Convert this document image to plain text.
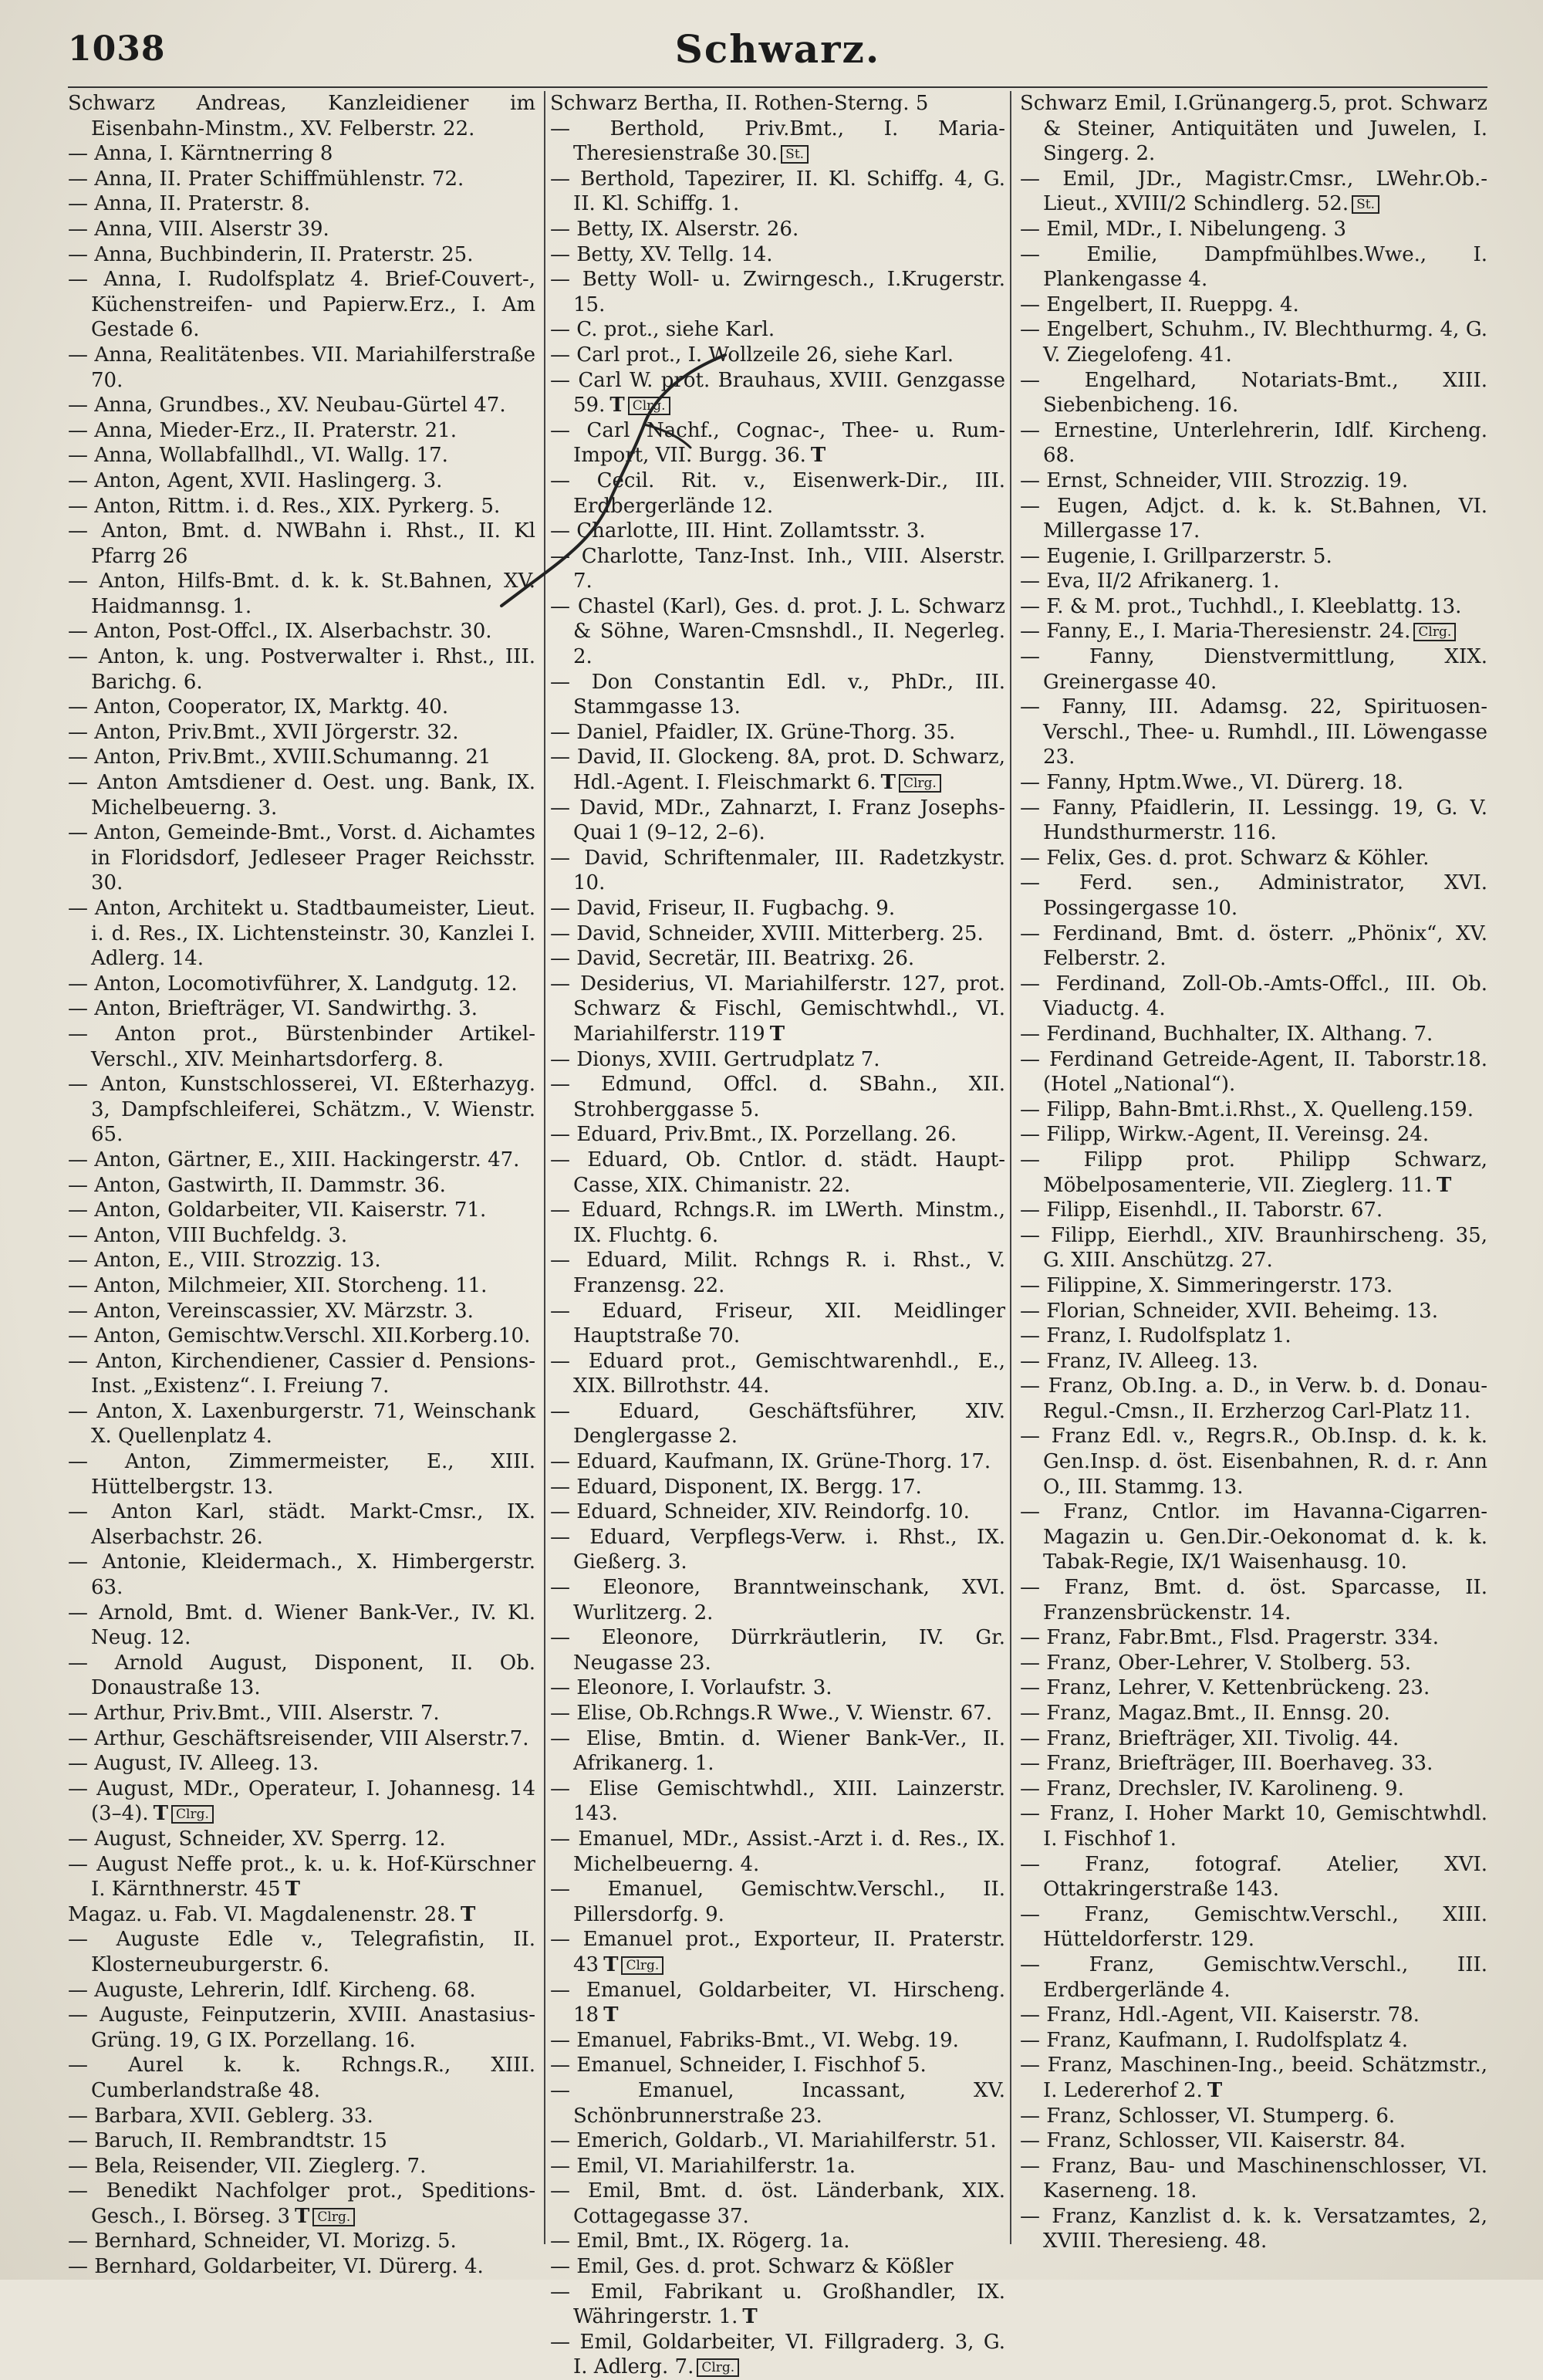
1038	Schwarz.
Schwarz Andreas, Kanzleidiener im Eisenbahn-Minstm., XV. Felberstr. 22.
— Anna, I. Kärntnerring 8
— Anna, II. Prater Schiffmühlenstr. 72.
— Anna, II. Praterstr. 8.
— Anna, VIII. Alserstr 39.
— Anna, Buchbinderin, II. Praterstr. 25.
— Anna, I. Rudolfsplatz 4. Brief-Couvert-, Küchenstreifen- und Papierw.Erz., I. Am Gestade 6.
— Anna, Realitätenbes. VII. Mariahilferstraße 70.
— Anna, Grundbes., XV. Neubau-Gürtel 47.
— Anna, Mieder-Erz., II. Praterstr. 21.
— Anna, Wollabfallhdl., VI. Wallg. 17.
— Anton, Agent, XVII. Haslingerg. 3.
— Anton, Rittm. i. d. Res., XIX. Pyrkerg. 5.
— Anton, Bmt. d. NWBahn i. Rhst., II. Kl Pfarrg 26
— Anton, Hilfs-Bmt. d. k. k. St.Bahnen, XV. Haidmannsg. 1.
— Anton, Post-Offcl., IX. Alserbachstr. 30.
— Anton, k. ung. Postverwalter i. Rhst., III. Barichg. 6.
— Anton, Cooperator, IX, Marktg. 40.
— Anton, Priv.Bmt., XVII Jörgerstr. 32.
— Anton, Priv.Bmt., XVIII.Schumanng. 21
— Anton Amtsdiener d. Oest. ung. Bank, IX. Michelbeuerng. 3.
— Anton, Gemeinde-Bmt., Vorst. d. Aichamtes in Floridsdorf, Jedleseer Prager Reichsstr. 30.
— Anton, Architekt u. Stadtbaumeister, Lieut. i. d. Res., IX. Lichtensteinstr. 30, Kanzlei I. Adlerg. 14.
— Anton, Locomotivführer, X. Landgutg. 12.
— Anton, Briefträger, VI. Sandwirthg. 3.
— Anton prot., Bürstenbinder Artikel-Verschl., XIV. Meinhartsdorferg. 8.
— Anton, Kunstschlosserei, VI. Eßterhazyg. 3, Dampfschleiferei, Schätzm., V. Wienstr. 65.
— Anton, Gärtner, E., XIII. Hackingerstr. 47.
— Anton, Gastwirth, II. Dammstr. 36.
— Anton, Goldarbeiter, VII. Kaiserstr. 71.
— Anton, VIII Buchfeldg. 3.
— Anton, E., VIII. Strozzig. 13.
— Anton, Milchmeier, XII. Storcheng. 11.
— Anton, Vereinscassier, XV. Märzstr. 3.
— Anton, Gemischtw.Verschl. XII.Korberg.10.
— Anton, Kirchendiener, Cassier d. Pensions-Inst. „Existenz“. I. Freiung 7.
— Anton, X. Laxenburgerstr. 71, Weinschank X. Quellenplatz 4.
— Anton, Zimmermeister, E., XIII. Hüttelbergstr. 13.
— Anton Karl, städt. Markt-Cmsr., IX. Alserbachstr. 26.
— Antonie, Kleidermach., X. Himbergerstr. 63.
— Arnold, Bmt. d. Wiener Bank-Ver., IV. Kl. Neug. 12.
— Arnold August, Disponent, II. Ob. Donaustraße 13.
— Arthur, Priv.Bmt., VIII. Alserstr. 7.
— Arthur, Geschäftsreisender, VIII Alserstr.7.
— August, IV. Alleeg. 13.
— August, MDr., Operateur, I. Johannesg. 14 (3–4). T Clrg.
— August, Schneider, XV. Sperrg. 12.
— August Neffe prot., k. u. k. Hof-Kürschner I. Kärnthnerstr. 45 T
Magaz. u. Fab. VI. Magdalenenstr. 28. T
— Auguste Edle v., Telegrafistin, II. Klosterneuburgerstr. 6.
— Auguste, Lehrerin, Idlf. Kircheng. 68.
— Auguste, Feinputzerin, XVIII. Anastasius-Grüng. 19, G IX. Porzellang. 16.
— Aurel k. k. Rchngs.R., XIII. Cumberlandstraße 48.
— Barbara, XVII. Geblerg. 33.
— Baruch, II. Rembrandtstr. 15
— Bela, Reisender, VII. Zieglerg. 7.
— Benedikt Nachfolger prot., Speditions-Gesch., I. Börseg. 3 T Clrg.
— Bernhard, Schneider, VI. Morizg. 5.
— Bernhard, Goldarbeiter, VI. Dürerg. 4.
Schwarz Bertha, II. Rothen-Sterng. 5
— Berthold, Priv.Bmt., I. Maria-Theresienstraße 30. St.
— Berthold, Tapezirer, II. Kl. Schiffg. 4, G. II. Kl. Schiffg. 1.
— Betty, IX. Alserstr. 26.
— Betty, XV. Tellg. 14.
— Betty Woll- u. Zwirngesch., I.Krugerstr. 15.
— C. prot., siehe Karl.
— Carl prot., I. Wollzeile 26, siehe Karl.
— Carl W. prot. Brauhaus, XVIII. Genzgasse 59. T Clrg.
— Carl Nachf., Cognac-, Thee- u. Rum-Import, VII. Burgg. 36. T
— Cecil. Rit. v., Eisenwerk-Dir., III. Erdbergerlände 12.
— Charlotte, III. Hint. Zollamtsstr. 3.
— Charlotte, Tanz-Inst. Inh., VIII. Alserstr. 7.
— Chastel (Karl), Ges. d. prot. J. L. Schwarz & Söhne, Waren-Cmsnshdl., II. Negerleg. 2.
— Don Constantin Edl. v., PhDr., III. Stammgasse 13.
— Daniel, Pfaidler, IX. Grüne-Thorg. 35.
— David, II. Glockeng. 8A, prot. D. Schwarz, Hdl.-Agent. I. Fleischmarkt 6. T Clrg.
— David, MDr., Zahnarzt, I. Franz Josephs-Quai 1 (9–12, 2–6).
— David, Schriftenmaler, III. Radetzkystr. 10.
— David, Friseur, II. Fugbachg. 9.
— David, Schneider, XVIII. Mitterberg. 25.
— David, Secretär, III. Beatrixg. 26.
— Desiderius, VI. Mariahilferstr. 127, prot. Schwarz & Fischl, Gemischtwhdl., VI. Mariahilferstr. 119 T
— Dionys, XVIII. Gertrudplatz 7.
— Edmund, Offcl. d. SBahn., XII. Strohberggasse 5.
— Eduard, Priv.Bmt., IX. Porzellang. 26.
— Eduard, Ob. Cntlor. d. städt. Haupt-Casse, XIX. Chimanistr. 22.
— Eduard, Rchngs.R. im LWerth. Minstm., IX. Fluchtg. 6.
— Eduard, Milit. Rchngs R. i. Rhst., V. Franzensg. 22.
— Eduard, Friseur, XII. Meidlinger Hauptstraße 70.
— Eduard prot., Gemischtwarenhdl., E., XIX. Billrothstr. 44.
— Eduard, Geschäftsführer, XIV. Denglergasse 2.
— Eduard, Kaufmann, IX. Grüne-Thorg. 17.
— Eduard, Disponent, IX. Bergg. 17.
— Eduard, Schneider, XIV. Reindorfg. 10.
— Eduard, Verpflegs-Verw. i. Rhst., IX. Gießerg. 3.
— Eleonore, Branntweinschank, XVI. Wurlitzerg. 2.
— Eleonore, Dürrkräutlerin, IV. Gr. Neugasse 23.
— Eleonore, I. Vorlaufstr. 3.
— Elise, Ob.Rchngs.R Wwe., V. Wienstr. 67.
— Elise, Bmtin. d. Wiener Bank-Ver., II. Afrikanerg. 1.
— Elise Gemischtwhdl., XIII. Lainzerstr. 143.
— Emanuel, MDr., Assist.-Arzt i. d. Res., IX. Michelbeuerng. 4.
— Emanuel, Gemischtw.Verschl., II. Pillersdorfg. 9.
— Emanuel prot., Exporteur, II. Praterstr. 43 T Clrg.
— Emanuel, Goldarbeiter, VI. Hirscheng. 18 T
— Emanuel, Fabriks-Bmt., VI. Webg. 19.
— Emanuel, Schneider, I. Fischhof 5.
— Emanuel, Incassant, XV. Schönbrunnerstraße 23.
— Emerich, Goldarb., VI. Mariahilferstr. 51.
— Emil, VI. Mariahilferstr. 1a.
— Emil, Bmt. d. öst. Länderbank, XIX. Cottagegasse 37.
— Emil, Bmt., IX. Rögerg. 1a.
— Emil, Ges. d. prot. Schwarz & Kößler
— Emil, Fabrikant u. Großhandler, IX. Währingerstr. 1. T
— Emil, Goldarbeiter, VI. Fillgraderg. 3, G. I. Adlerg. 7. Clrg.
Schwarz Emil, I.Grünangerg.5, prot. Schwarz & Steiner, Antiquitäten und Juwelen, I. Singerg. 2.
— Emil, JDr., Magistr.Cmsr., LWehr.Ob.-Lieut., XVIII/2 Schindlerg. 52. St.
— Emil, MDr., I. Nibelungeng. 3
— Emilie, Dampfmühlbes.Wwe., I. Plankengasse 4.
— Engelbert, II. Rueppg. 4.
— Engelbert, Schuhm., IV. Blechthurmg. 4, G. V. Ziegelofeng. 41.
— Engelhard, Notariats-Bmt., XIII. Siebenbicheng. 16.
— Ernestine, Unterlehrerin, Idlf. Kircheng. 68.
— Ernst, Schneider, VIII. Strozzig. 19.
— Eugen, Adjct. d. k. k. St.Bahnen, VI. Millergasse 17.
— Eugenie, I. Grillparzerstr. 5.
— Eva, II/2 Afrikanerg. 1.
— F. & M. prot., Tuchhdl., I. Kleeblattg. 13.
— Fanny, E., I. Maria-Theresienstr. 24. Clrg.
— Fanny, Dienstvermittlung, XIX. Greinergasse 40.
— Fanny, III. Adamsg. 22, Spirituosen-Verschl., Thee- u. Rumhdl., III. Löwengasse 23.
— Fanny, Hptm.Wwe., VI. Dürerg. 18.
— Fanny, Pfaidlerin, II. Lessingg. 19, G. V. Hundsthurmerstr. 116.
— Felix, Ges. d. prot. Schwarz & Köhler.
— Ferd. sen., Administrator, XVI. Possingergasse 10.
— Ferdinand, Bmt. d. österr. „Phönix“, XV. Felberstr. 2.
— Ferdinand, Zoll-Ob.-Amts-Offcl., III. Ob. Viaductg. 4.
— Ferdinand, Buchhalter, IX. Althang. 7.
— Ferdinand Getreide-Agent, II. Taborstr.18. (Hotel „National“).
— Filipp, Bahn-Bmt.i.Rhst., X. Quelleng.159.
— Filipp, Wirkw.-Agent, II. Vereinsg. 24.
— Filipp prot. Philipp Schwarz, Möbelposamenterie, VII. Zieglerg. 11. T
— Filipp, Eisenhdl., II. Taborstr. 67.
— Filipp, Eierhdl., XIV. Braunhirscheng. 35, G. XIII. Anschützg. 27.
— Filippine, X. Simmeringerstr. 173.
— Florian, Schneider, XVII. Beheimg. 13.
— Franz, I. Rudolfsplatz 1.
— Franz, IV. Alleeg. 13.
— Franz, Ob.Ing. a. D., in Verw. b. d. Donau-Regul.-Cmsn., II. Erzherzog Carl-Platz 11.
— Franz Edl. v., Regrs.R., Ob.Insp. d. k. k. Gen.Insp. d. öst. Eisenbahnen, R. d. r. Ann O., III. Stammg. 13.
— Franz, Cntlor. im Havanna-Cigarren-Magazin u. Gen.Dir.-Oekonomat d. k. k. Tabak-Regie, IX/1 Waisenhausg. 10.
— Franz, Bmt. d. öst. Sparcasse, II. Franzensbrückenstr. 14.
— Franz, Fabr.Bmt., Flsd. Pragerstr. 334.
— Franz, Ober-Lehrer, V. Stolberg. 53.
— Franz, Lehrer, V. Kettenbrückeng. 23.
— Franz, Magaz.Bmt., II. Ennsg. 20.
— Franz, Briefträger, XII. Tivolig. 44.
— Franz, Briefträger, III. Boerhaveg. 33.
— Franz, Drechsler, IV. Karolineng. 9.
— Franz, I. Hoher Markt 10, Gemischtwhdl. I. Fischhof 1.
— Franz, fotograf. Atelier, XVI. Ottakringerstraße 143.
— Franz, Gemischtw.Verschl., XIII. Hütteldorferstr. 129.
— Franz, Gemischtw.Verschl., III. Erdbergerlände 4.
— Franz, Hdl.-Agent, VII. Kaiserstr. 78.
— Franz, Kaufmann, I. Rudolfsplatz 4.
— Franz, Maschinen-Ing., beeid. Schätzmstr., I. Ledererhof 2. T
— Franz, Schlosser, VI. Stumperg. 6.
— Franz, Schlosser, VII. Kaiserstr. 84.
— Franz, Bau- und Maschinenschlosser, VI. Kaserneng. 18.
— Franz, Kanzlist d. k. k. Versatzamtes, 2, XVIII. Theresieng. 48.
